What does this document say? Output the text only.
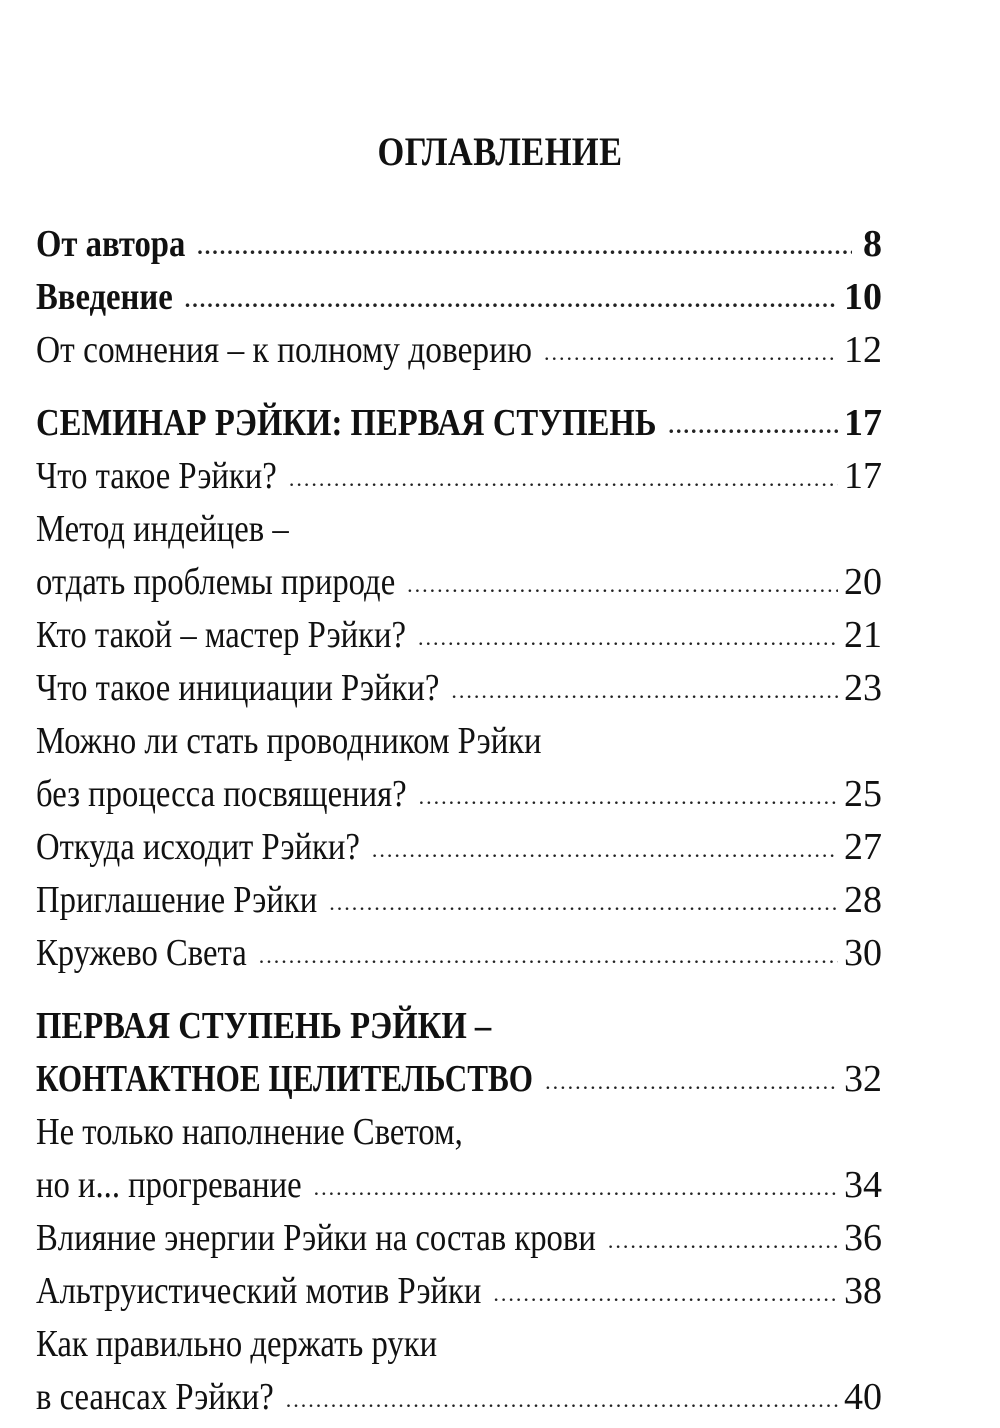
ОГЛАВЛЕНИЕ
От автора .....	8
Введение .....	10
От сомнения – к полному доверию .....	12
СЕМИНАР РЭЙКИ: ПЕРВАЯ СТУПЕНЬ .....	17
Что такое Рэйки? .....	17
Метод индейцев –
отдать проблемы природе .....	20
Кто такой – мастер Рэйки? .....	21
Что такое инициации Рэйки? .....	23
Можно ли стать проводником Рэйки
без процесса посвящения? .....	25
Откуда исходит Рэйки? .....	27
Приглашение Рэйки .....	28
Кружево Света .....	30
ПЕРВАЯ СТУПЕНЬ РЭЙКИ –
КОНТАКТНОЕ ЦЕЛИТЕЛЬСТВО .....	32
Не только наполнение Светом,
но и... прогревание .....	34
Влияние энергии Рэйки на состав крови .....	36
Альтруистический мотив Рэйки .....	38
Как правильно держать руки
в сеансах Рэйки? .....	40
